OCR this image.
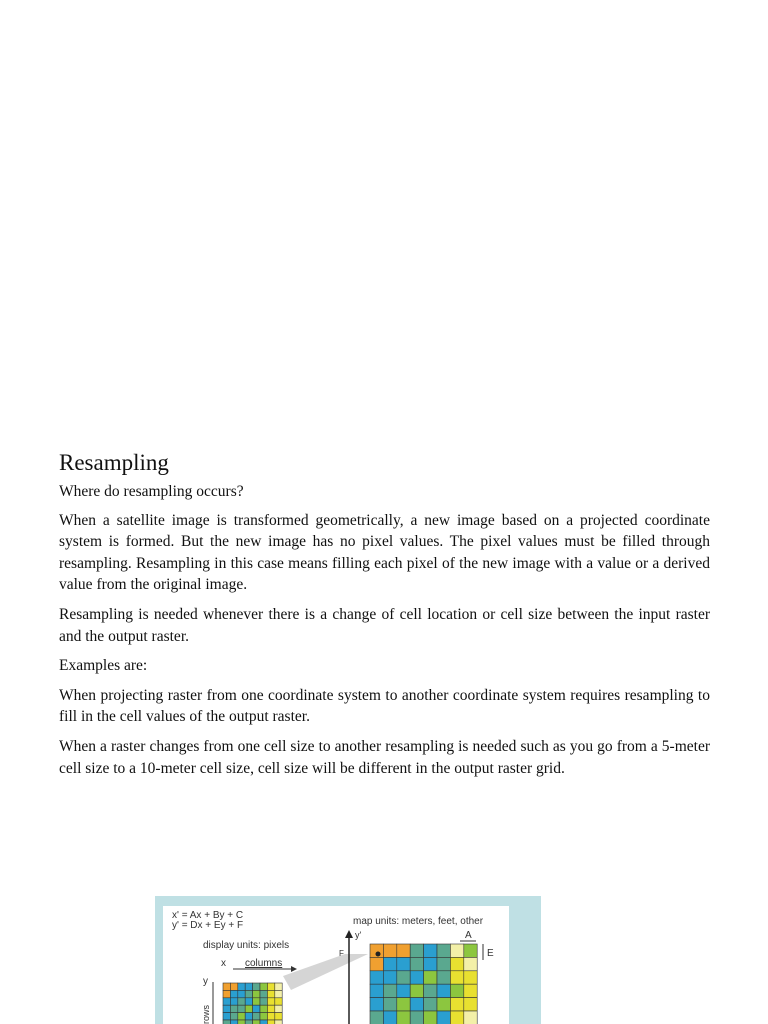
Resampling

Where do resampling occurs?

When a satellite image is transformed geometrically, a new image based on a projected coordinate system is formed. But the new image has no pixel values. The pixel values must be filled through resampling. Resampling in this case means filling each pixel of the new image with a value or a derived value from the original image.

Resampling is needed whenever there is a change of cell location or cell size between the input raster and the output raster.

Examples are:

When projecting raster from one coordinate system to another coordinate system requires resampling to fill in the cell values of the output raster.

When a raster changes from one cell size to another resampling is needed such as you go from a 5-meter cell size to a 10-meter cell size, cell size will be different in the output raster grid.

x' = Ax + By + C
y' = Dx + Ey + F	map units: meters, feet, other
display units: pixels
x columns
y
rows
F
y'	A
E
